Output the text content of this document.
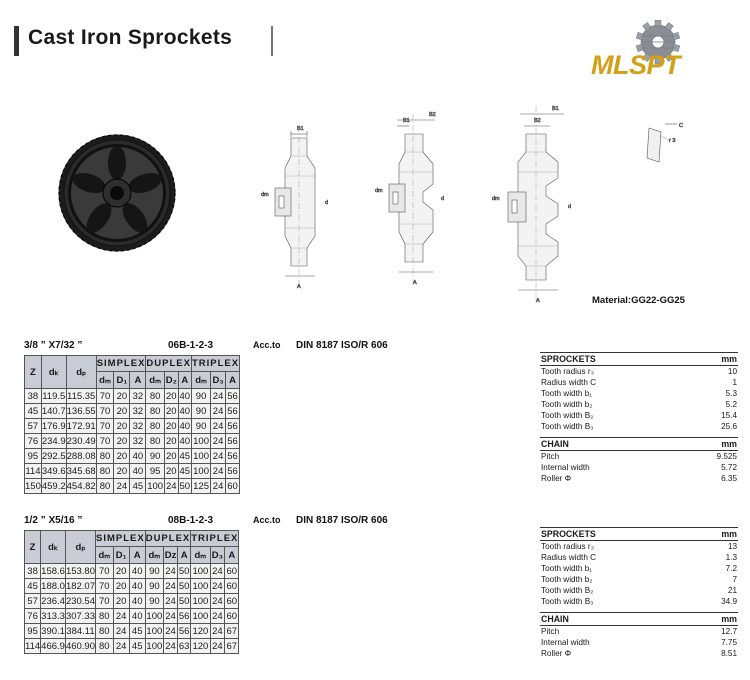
Cast Iron Sprockets
MLSPT
B1
dm
d
A
B1
B2
dm
d
A
B1
B2
dm
d
A
C
r 3
Material:GG22-GG25
3/8 ” X7/32 ”	06B-1-2-3	Acc.to DIN 8187 ISO/R 606
Z	dₖ	dₚ	SIMPLEX			DUPLEX			TRIPLEX		
			dₘ	D₁	A	dₘ	D₂	A	dₘ	D₃	A
38	119.5	115.35	70	20	32	80	20	40	90	24	56
45	140.7	136.55	70	20	32	80	20	40	90	24	56
57	176.9	172.91	70	20	32	80	20	40	90	24	56
76	234.9	230.49	70	20	32	80	20	40	100	24	56
95	292.5	288.08	80	20	40	90	20	45	100	24	56
114	349.6	345.68	80	20	40	95	20	45	100	24	56
150	459.2	454.82	80	24	45	100	24	50	125	24	60
SPROCKETS	mm
Tooth radius r₃	10
Radius width C	1
Tooth width b₁	5.3
Tooth width b₂	5.2
Tooth width B₂	15.4
Tooth width B₃	25.6
CHAIN	mm
Pitch	9.525
Internal width	5.72
Roller Φ	6.35
1/2 ” X5/16 ”	08B-1-2-3	Acc.to DIN 8187 ISO/R 606
Z	dₖ	dₚ	SIMPLEX			DUPLEX			TRIPLEX		
			dₘ	D₁	A	dₘ	Dz	A	dₘ	D₃	A
38	158.6	153.80	70	20	40	90	24	50	100	24	60
45	188.0	182.07	70	20	40	90	24	50	100	24	60
57	236.4	230.54	70	20	40	90	24	50	100	24	60
76	313.3	307.33	80	24	40	100	24	56	100	24	60
95	390.1	384.11	80	24	45	100	24	56	120	24	67
114	466.9	460.90	80	24	45	100	24	63	120	24	67
SPROCKETS	mm
Tooth radius r₃	13
Radius width C	1.3
Tooth width b₁	7.2
Tooth width b₂	7
Tooth width B₂	21
Tooth width B₃	34.9
CHAIN	mm
Pitch	12.7
Internal width	7.75
Roller Φ	8.51
